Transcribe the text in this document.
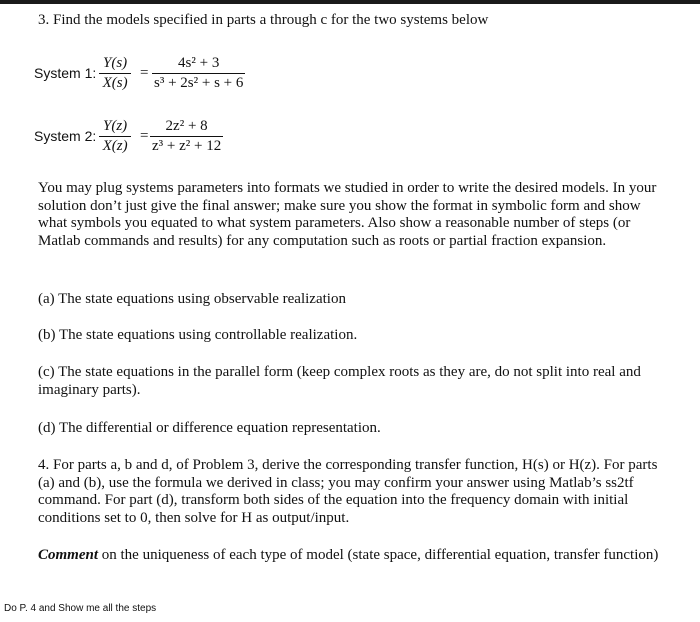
3. Find the models specified in parts a through c for the two systems below
System 1: $\frac{Y(s)}{X(s)} = \frac{\text{4s² + 3}}{\text{s³ + 2s² + s + 6}}$
System 2: $\frac{Y(z)}{X(z)} = \frac{\text{2z² + 8}}{\text{z³ + z² + 12}}$
You may plug systems parameters into formats we studied in order to write the desired models. In your solution don’t just give the final answer; make sure you show the format in symbolic form and show what symbols you equated to what system parameters. Also show a reasonable number of steps (or Matlab commands and results) for any computation such as roots or partial fraction expansion.
(a) The state equations using observable realization
(b) The state equations using controllable realization.
(c) The state equations in the parallel form (keep complex roots as they are, do not split into real and imaginary parts).
(d) The differential or difference equation representation.
4. For parts a, b and d, of Problem 3, derive the corresponding transfer function, H(s) or H(z). For parts (a) and (b), use the formula we derived in class; you may confirm your answer using Matlab’s ss2tf command. For part (d), transform both sides of the equation into the frequency domain with initial conditions set to 0, then solve for H as output/input.
Comment on the uniqueness of each type of model (state space, differential equation, transfer function)
Do P. 4 and Show me all the steps
